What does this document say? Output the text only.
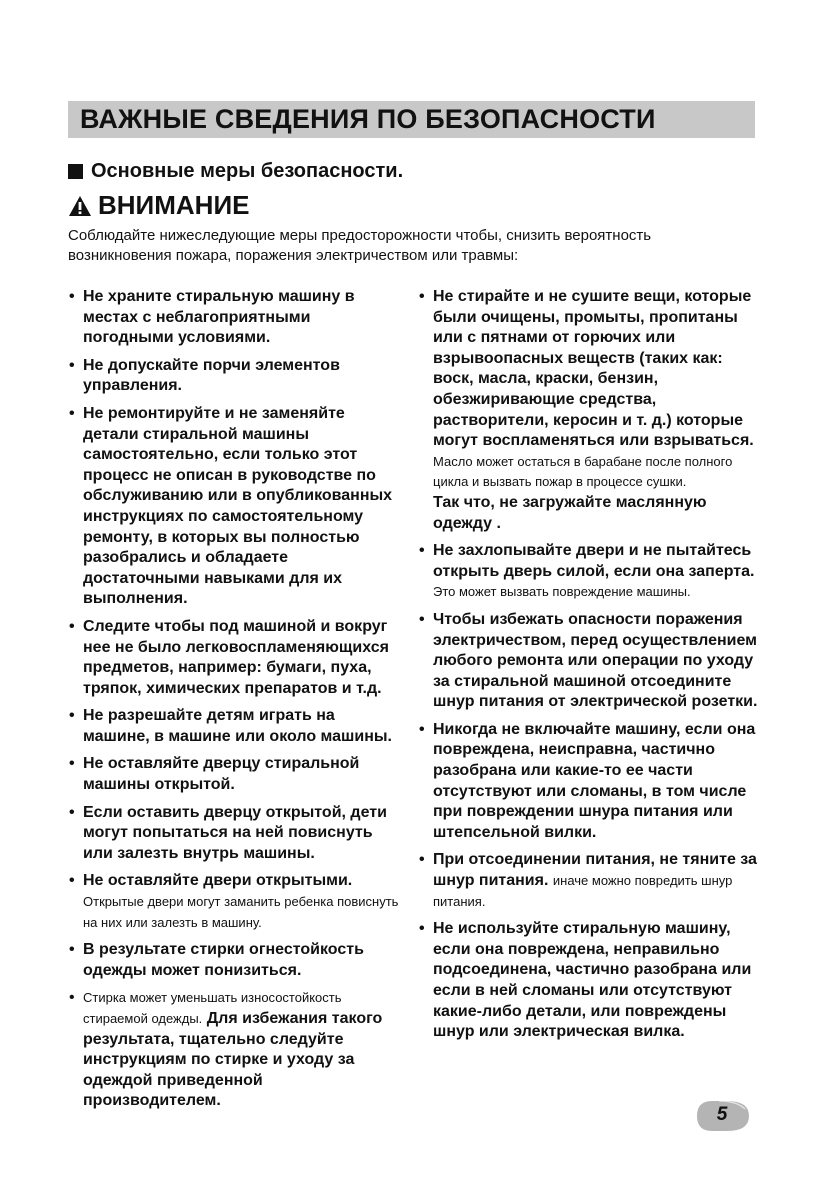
ВАЖНЫЕ СВЕДЕНИЯ ПО БЕЗОПАСНОСТИ
Основные меры безопасности.
ВНИМАНИЕ
Соблюдайте нижеследующие меры предосторожности чтобы, снизить вероятность возникновения пожара, поражения электричеством или травмы:
• Не храните стиральную машину в местах с неблагоприятными погодными условиями.
• Не допускайте порчи элементов управления.
• Не ремонтируйте и не заменяйте детали стиральной машины самостоятельно, если только этот процесс не описан в руководстве по обслуживанию или в опубликованных инструкциях по самостоятельному ремонту, в которых вы полностью разобрались и обладаете достаточными навыками для их выполнения.
• Следите чтобы под машиной и вокруг нее не было легковоспламеняющихся предметов, например: бумаги, пуха, тряпок, химических препаратов и т.д.
• Не разрешайте детям играть на машине, в машине или около машины.
• Не оставляйте дверцу стиральной машины открытой.
• Если оставить дверцу открытой, дети могут попытаться на ней повиснуть или залезть внутрь машины.
• Не оставляйте двери открытыми.
Открытые двери могут заманить ребенка повиснуть на них или залезть в машину.
• В результате стирки огнестойкость одежды может понизиться.
• Стирка может уменьшать износостойкость стираемой одежды. Для избежания такого результата, тщательно следуйте инструкциям по стирке и уходу за одеждой приведенной производителем.
• Не стирайте и не сушите вещи, которые были очищены, промыты, пропитаны или с пятнами от горючих или взрывоопасных веществ (таких как: воск, масла, краски, бензин, обезжиривающие средства, растворители, керосин и т. д.) которые могут воспламеняться или взрываться. Масло может остаться в барабане после полного цикла и вызвать пожар в процессе сушки.
Так что, не загружайте маслянную одежду .
• Не захлопывайте двери и не пытайтесь открыть дверь силой, если она заперта.
Это может вызвать повреждение машины.
• Чтобы избежать опасности поражения электричеством, перед осуществлением любого ремонта или операции по уходу за стиральной машиной отсоедините шнур питания от электрической розетки.
• Никогда не включайте машину, если она повреждена, неисправна, частично разобрана или какие-то ее части отсутствуют или сломаны, в том числе при повреждении шнура питания или штепсельной вилки.
• При отсоединении питания, не тяните за шнур питания. иначе можно повредить шнур питания.
• Не используйте стиральную машину, если она повреждена, неправильно подсоединена, частично разобрана или если в ней сломаны или отсутствуют какие-либо детали, или повреждены шнур или электрическая вилка.
5
